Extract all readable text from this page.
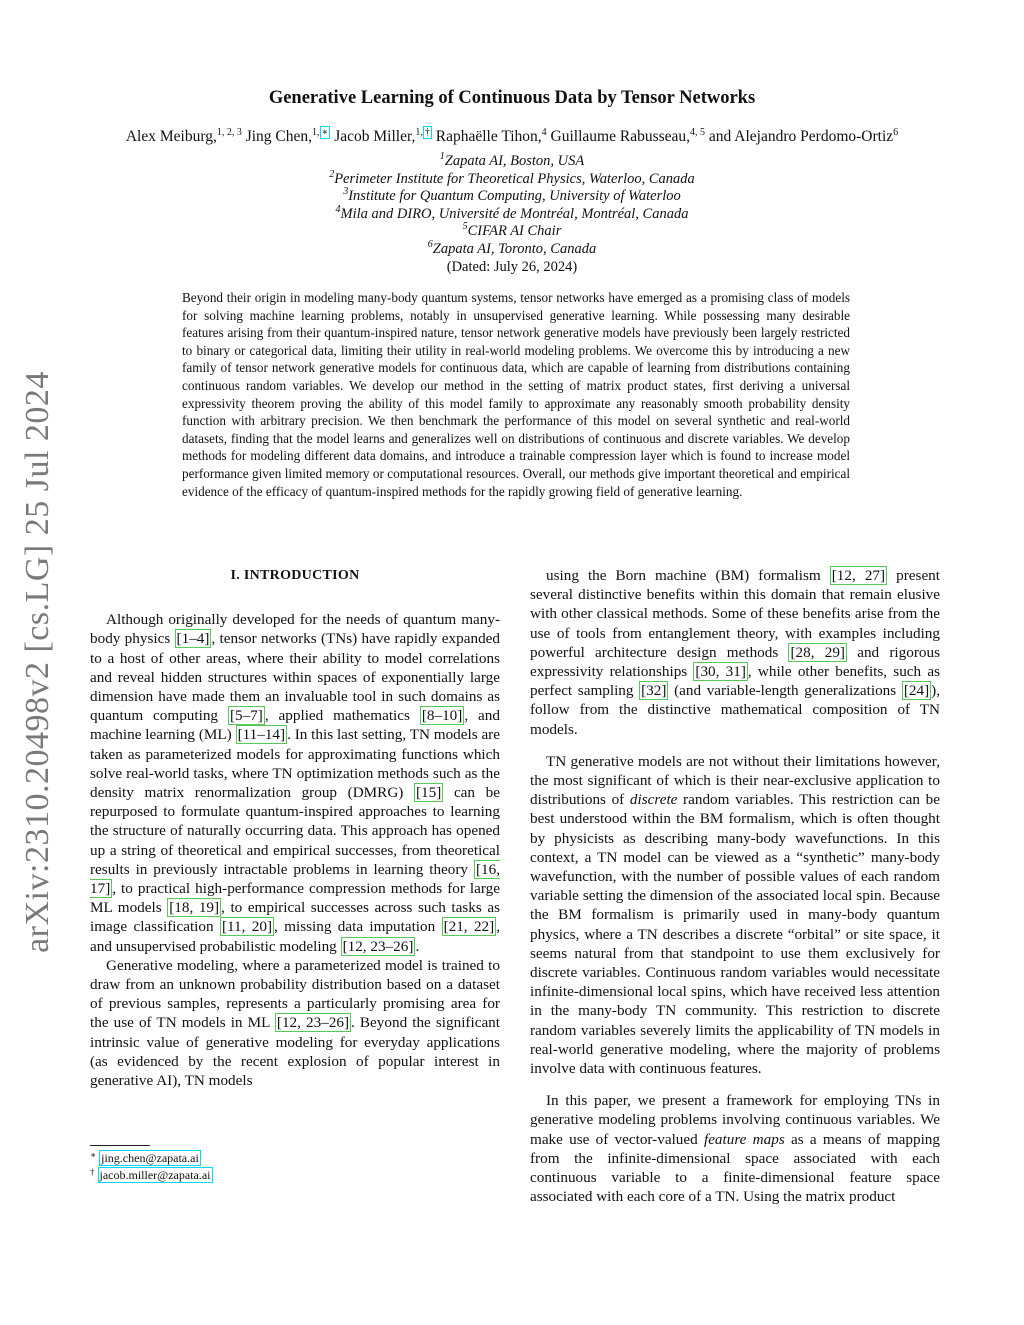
arXiv:2310.20498v2 [cs.LG] 25 Jul 2024
Generative Learning of Continuous Data by Tensor Networks
Alex Meiburg,$^{1, 2, 3}$ Jing Chen,$^{1, ∗}$ Jacob Miller,$^{1, \dagger}$ Raphaëlle Tihon,$^4$ Guillaume Rabusseau,$^{4, 5}$ and Alejandro Perdomo-Ortiz$^6$
$^1$Zapata AI, Boston, USA
$^2$Perimeter Institute for Theoretical Physics, Waterloo, Canada
$^3$Institute for Quantum Computing, University of Waterloo
$^4$Mila and DIRO, Université de Montréal, Montréal, Canada
$^5$CIFAR AI Chair
$^6$Zapata AI, Toronto, Canada
(Dated: July 26, 2024)
Beyond their origin in modeling many-body quantum systems, tensor networks have emerged as a promising class of models for solving machine learning problems, notably in unsupervised generative learning. While possessing many desirable features arising from their quantum-inspired nature, tensor network generative models have previously been largely restricted to binary or categorical data, limiting their utility in real-world modeling problems. We overcome this by introducing a new family of tensor network generative models for continuous data, which are capable of learning from distributions containing continuous random variables. We develop our method in the setting of matrix product states, first deriving a universal expressivity theorem proving the ability of this model family to approximate any reasonably smooth probability density function with arbitrary precision. We then benchmark the performance of this model on several synthetic and real-world datasets, finding that the model learns and generalizes well on distributions of continuous and discrete variables. We develop methods for modeling different data domains, and introduce a trainable compression layer which is found to increase model performance given limited memory or computational resources. Overall, our methods give important theoretical and empirical evidence of the efficacy of quantum-inspired methods for the rapidly growing field of generative learning.
I. INTRODUCTION

Although originally developed for the needs of quantum many-body physics [1–4] , tensor networks (TNs) have rapidly expanded to a host of other areas, where their ability to model correlations and reveal hidden structures within spaces of exponentially large dimension have made them an invaluable tool in such domains as quantum computing [5–7] , applied mathematics [8–10] , and machine learning (ML) [11–14] . In this last setting, TN models are taken as parameterized models for approximating functions which solve real-world tasks, where TN optimization methods such as the density matrix renormalization group (DMRG) [15] can be repurposed to formulate quantum-inspired approaches to learning the structure of naturally occurring data. This approach has opened up a string of theoretical and empirical successes, from theoretical results in previously intractable problems in learning theory [16, 17] , to practical high-performance compression methods for large ML models [18, 19] , to empirical successes across such tasks as image classification [11, 20] , missing data imputation [21, 22] , and unsupervised probabilistic modeling [12, 23–26] .

Generative modeling, where a parameterized model is trained to draw from an unknown probability distribution based on a dataset of previous samples, represents a particularly promising area for the use of TN models in ML [12, 23–26] . Beyond the significant intrinsic value of generative modeling for everyday applications (as evidenced by the recent explosion of popular interest in generative AI), TN models

using the Born machine (BM) formalism [12, 27] present several distinctive benefits within this domain that remain elusive with other classical methods. Some of these benefits arise from the use of tools from entanglement theory, with examples including powerful architecture design methods [28, 29] and rigorous expressivity relationships [30, 31] , while other benefits, such as perfect sampling [32] (and variable-length generalizations [24] ), follow from the distinctive mathematical composition of TN models.

TN generative models are not without their limitations however, the most significant of which is their near-exclusive application to distributions of discrete random variables. This restriction can be best understood within the BM formalism, which is often thought by physicists as describing many-body wavefunctions. In this context, a TN model can be viewed as a “synthetic” many-body wavefunction, with the number of possible values of each random variable setting the dimension of the associated local spin. Because the BM formalism is primarily used in many-body quantum physics, where a TN describes a discrete “orbital” or site space, it seems natural from that standpoint to use them exclusively for discrete variables. Continuous random variables would necessitate infinite-dimensional local spins, which have received less attention in the many-body TN community. This restriction to discrete random variables severely limits the applicability of TN models in real-world generative modeling, where the majority of problems involve data with continuous features.

In this paper, we present a framework for employing TNs in generative modeling problems involving continuous variables. We make use of vector-valued feature maps as a means of mapping from the infinite-dimensional space associated with each continuous variable to a finite-dimensional feature space associated with each core of a TN. Using the matrix product

∗ jing.chen@zapata.ai
† jacob.miller@zapata.ai
